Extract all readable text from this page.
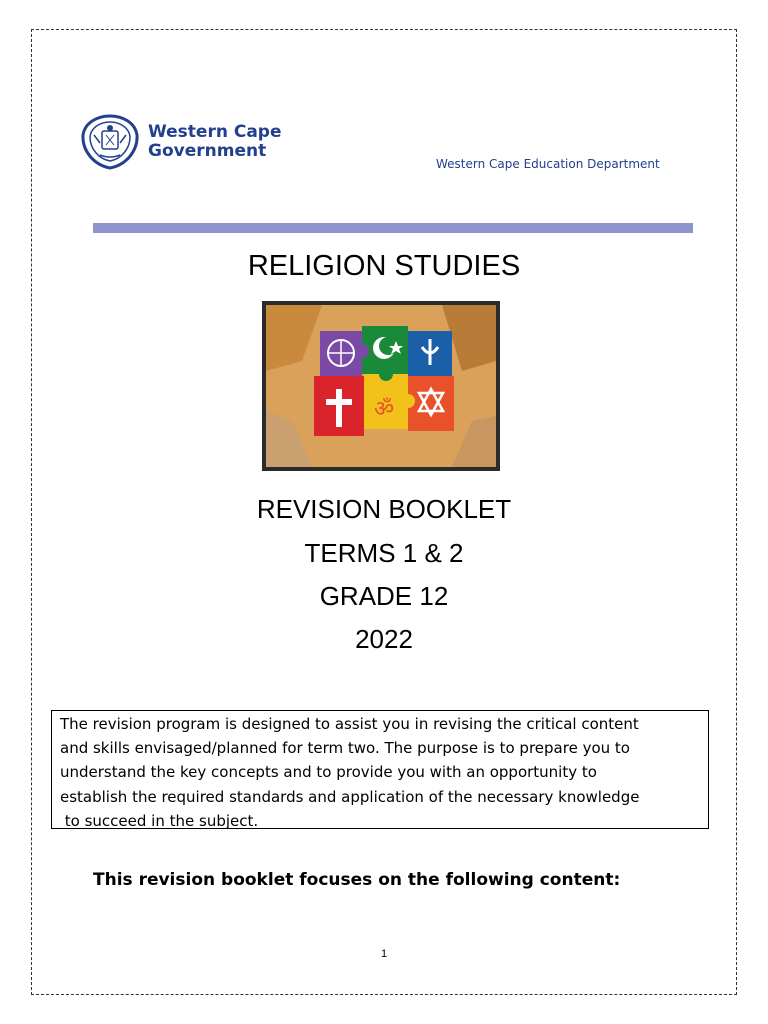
Western Cape
Government
Western Cape Education Department
RELIGION STUDIES
ॐ
REVISION BOOKLET
TERMS 1 & 2
GRADE 12
2022
The revision program is designed to assist you in revising the critical content
and skills envisaged/planned for term two. The purpose is to prepare you to
understand the key concepts and to provide you with an opportunity to
establish the required standards and application of the necessary knowledge
to succeed in the subject.
This revision booklet focuses on the following content:
1
